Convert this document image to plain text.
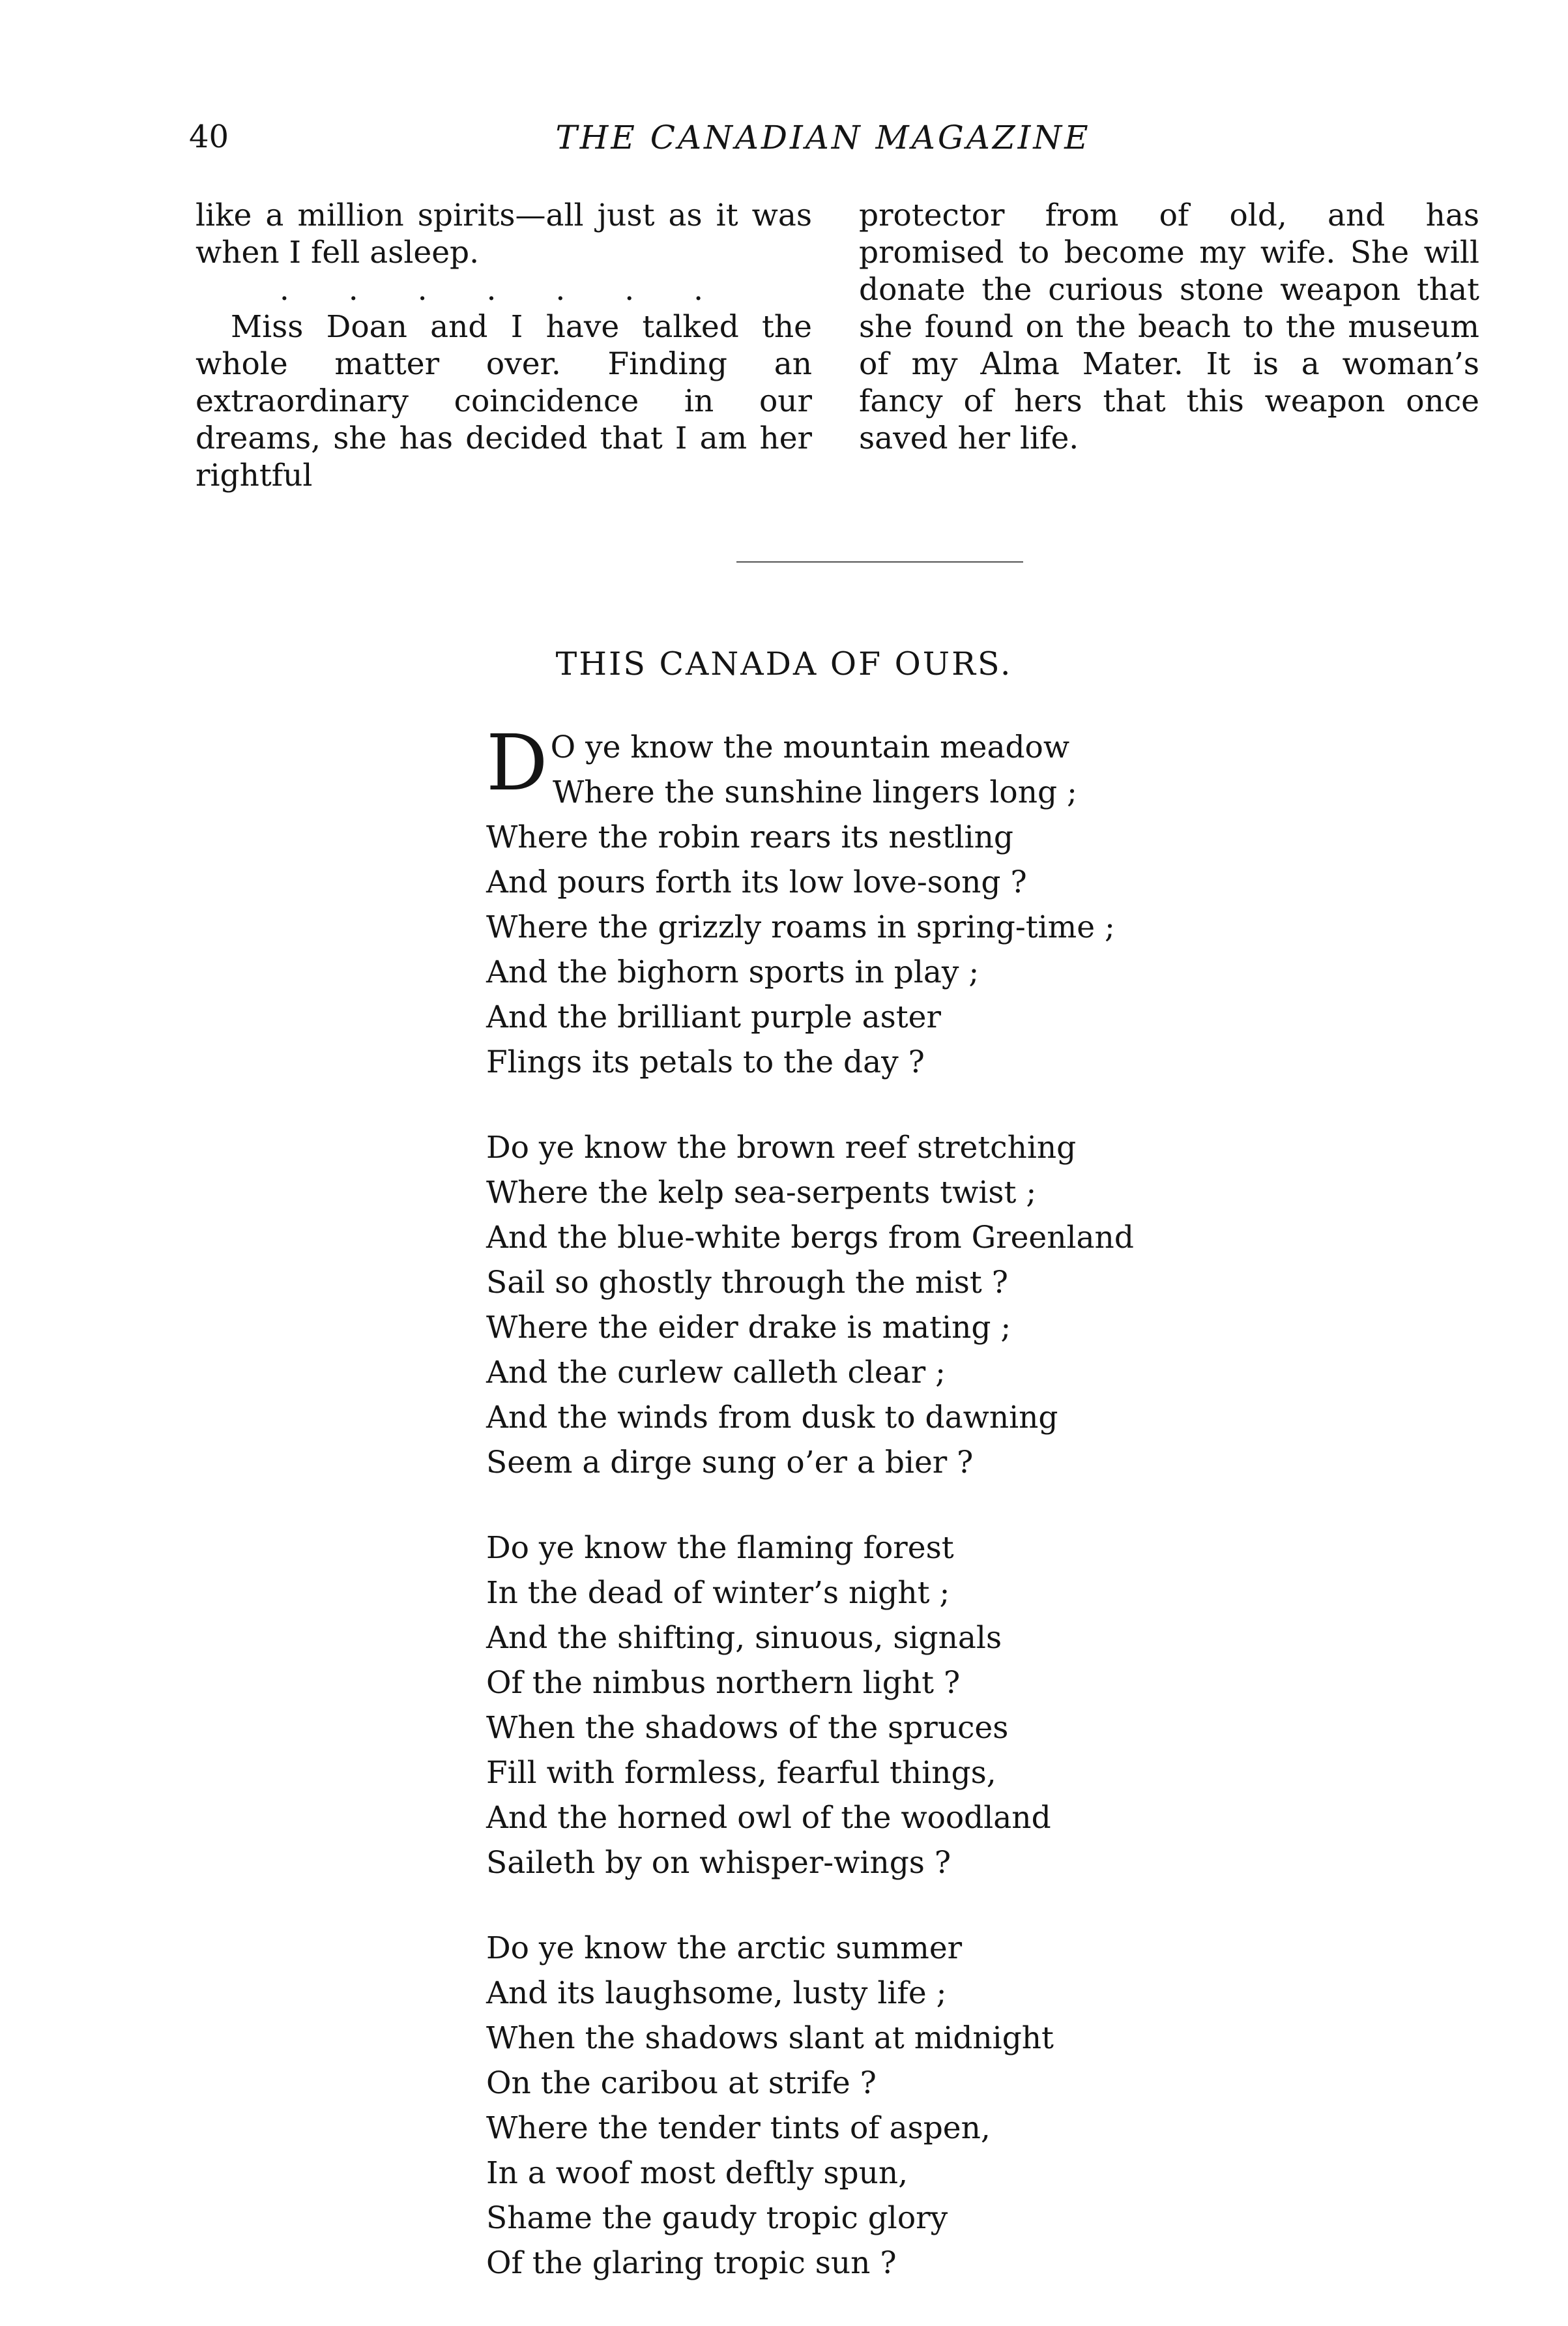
40	THE CANADIAN MAGAZINE

like a million spirits—all just as it was when I fell asleep.

. . . . . . .

Miss Doan and I have talked the whole matter over. Finding an extraordinary coincidence in our dreams, she has decided that I am her rightful

protector from of old, and has promised to become my wife. She will donate the curious stone weapon that she found on the beach to the museum of my Alma Mater. It is a woman’s fancy of hers that this weapon once saved her life.

THIS CANADA OF OURS.
D O ye know the mountain meadow
Where the sunshine lingers long ;
Where the robin rears its nestling
And pours forth its low love-song ?
Where the grizzly roams in spring-time ;
And the bighorn sports in play ;
And the brilliant purple aster
Flings its petals to the day ?
Do ye know the brown reef stretching
Where the kelp sea-serpents twist ;
And the blue-white bergs from Greenland
Sail so ghostly through the mist ?
Where the eider drake is mating ;
And the curlew calleth clear ;
And the winds from dusk to dawning
Seem a dirge sung o’er a bier ?
Do ye know the flaming forest
In the dead of winter’s night ;
And the shifting, sinuous, signals
Of the nimbus northern light ?
When the shadows of the spruces
Fill with formless, fearful things,
And the horned owl of the woodland
Saileth by on whisper-wings ?
Do ye know the arctic summer
And its laughsome, lusty life ;
When the shadows slant at midnight
On the caribou at strife ?
Where the tender tints of aspen,
In a woof most deftly spun,
Shame the gaudy tropic glory
Of the glaring tropic sun ?
